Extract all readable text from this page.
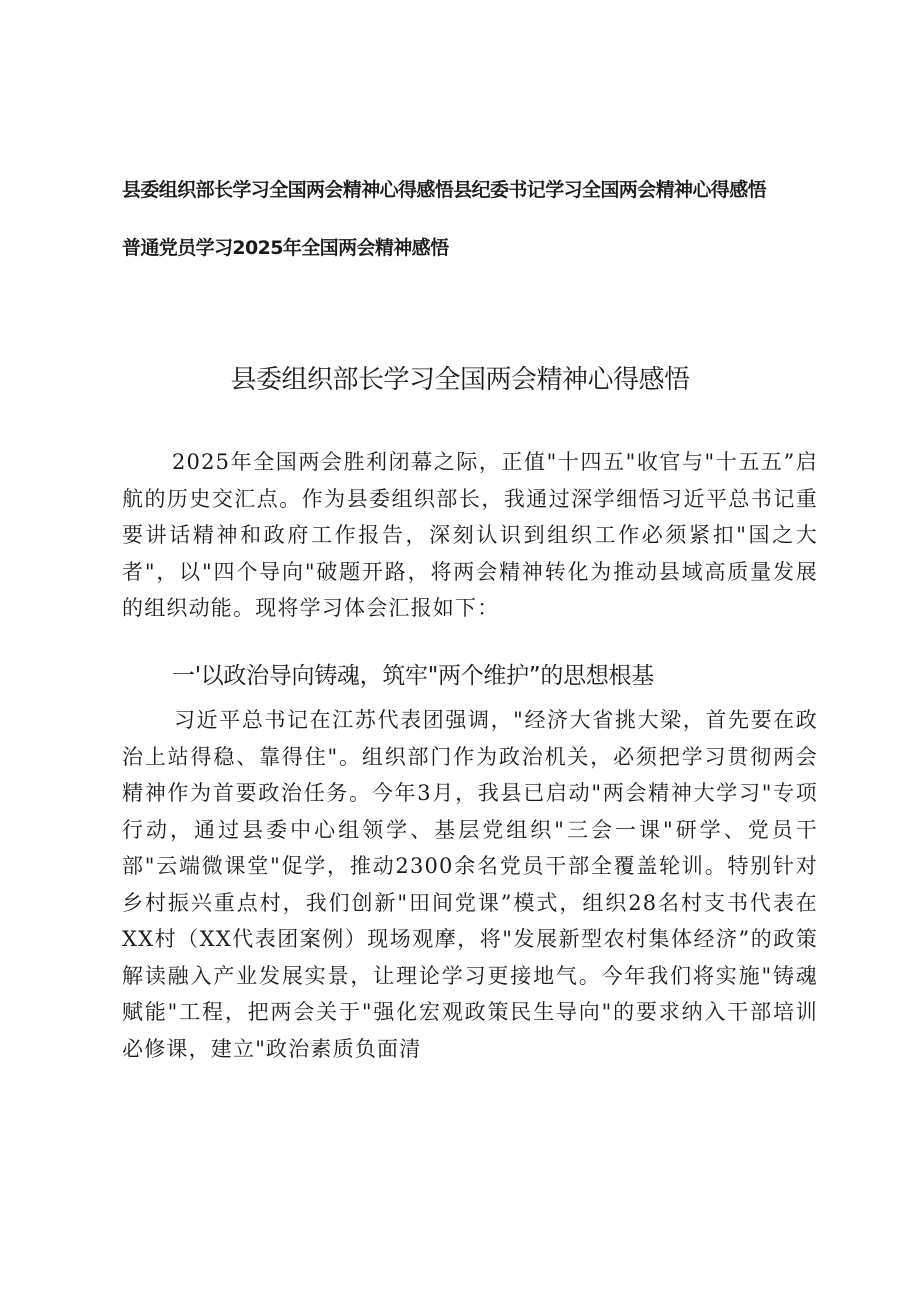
县委组织部长学习全国两会精神心得感悟县纪委书记学习全国两会精神心得感悟
普通党员学习2025年全国两会精神感悟
县委组织部长学习全国两会精神心得感悟

2025年全国两会胜利闭幕之际，正值"十四五"收官与"十五五”启航的历史交汇点。作为县委组织部长，我通过深学细悟习近平总书记重要讲话精神和政府工作报告，深刻认识到组织工作必须紧扣"国之大者"，以"四个导向"破题开路，将两会精神转化为推动县域高质量发展的组织动能。现将学习体会汇报如下：

一'以政治导向铸魂，筑牢"两个维护”的思想根基

习近平总书记在江苏代表团强调，"经济大省挑大梁，首先要在政治上站得稳、靠得住"。组织部门作为政治机关，必须把学习贯彻两会精神作为首要政治任务。今年3月，我县已启动"两会精神大学习"专项行动，通过县委中心组领学、基层党组织"三会一课"研学、党员干部"云端微课堂"促学，推动2300余名党员干部全覆盖轮训。特别针对乡村振兴重点村，我们创新"田间党课”模式，组织28名村支书代表在XX村（XX代表团案例）现场观摩，将"发展新型农村集体经济”的政策解读融入产业发展实景，让理论学习更接地气。今年我们将实施"铸魂赋能"工程，把两会关于"强化宏观政策民生导向"的要求纳入干部培训必修课，建立"政治素质负面清
